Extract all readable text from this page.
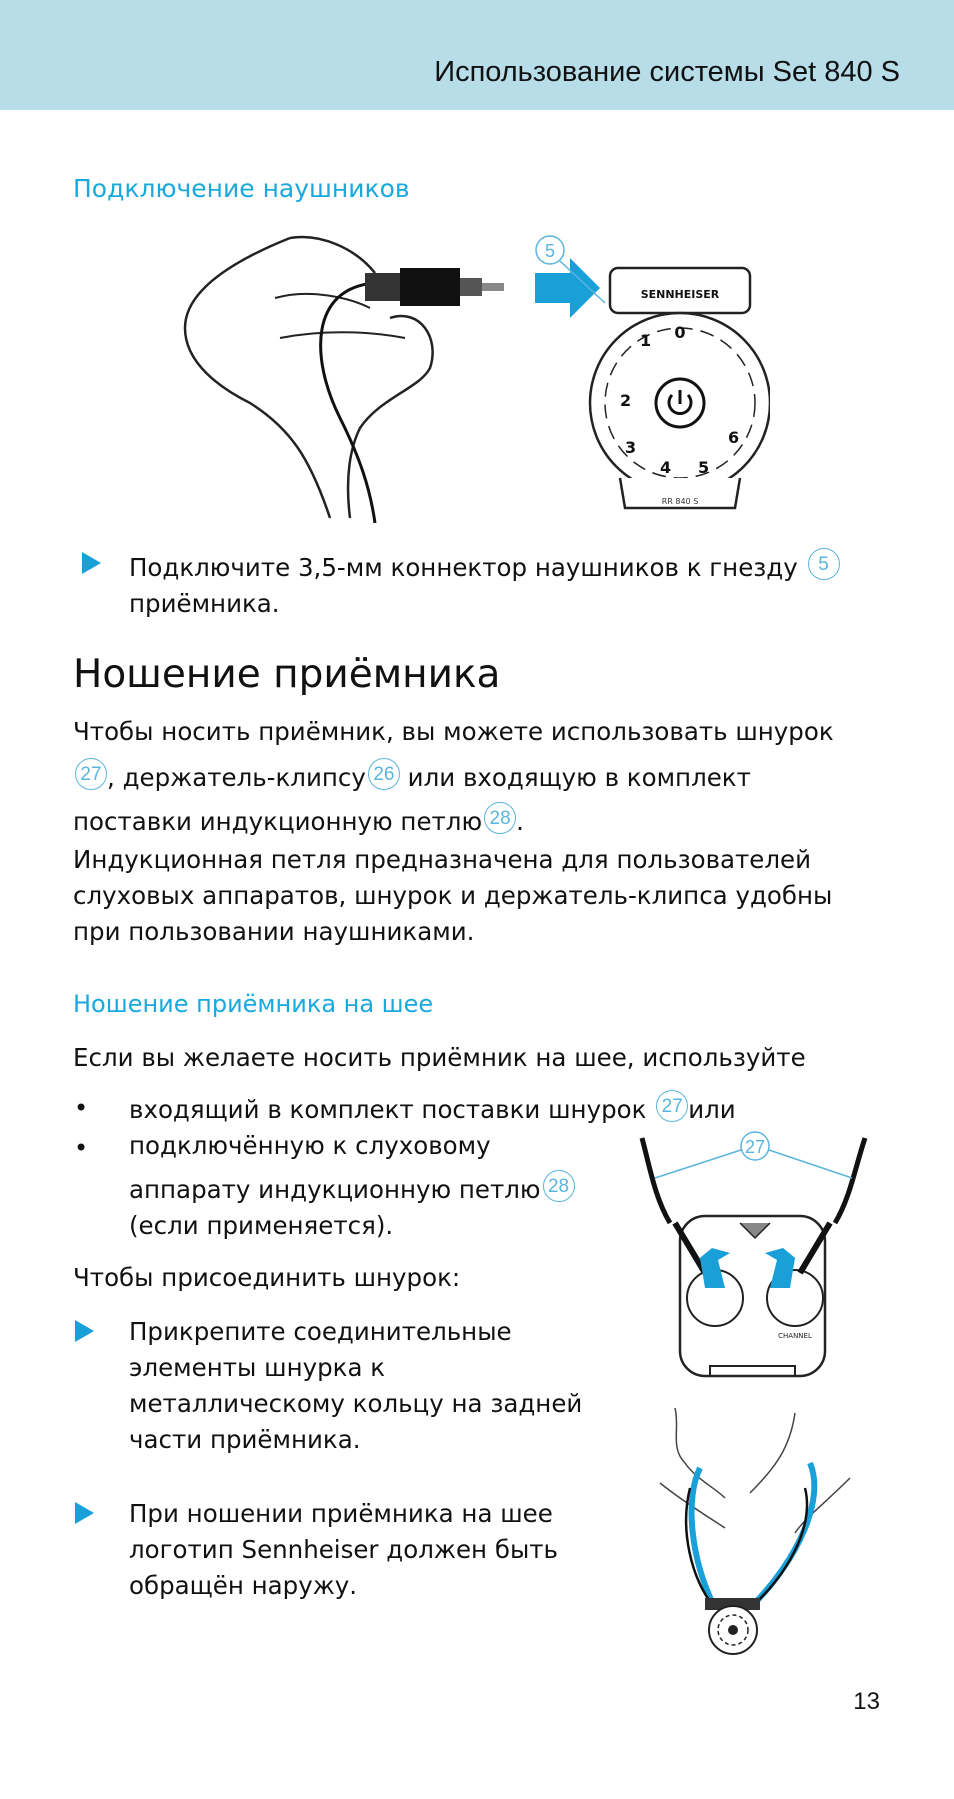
Использование системы Set 840 S
Подключение наушников
5
SENNHEISER
0
1
2
3
4 5
6
RR 840 S
Подключите 3,5-мм коннектор наушников к гнезду 5
приёмника.
Ношение приёмника
Чтобы носить приёмник, вы можете использовать шнурок
27 , держатель-клипсу 26 или входящую в комплект
поставки индукционную петлю 28 .
Индукционная петля предназначена для пользователей
слуховых аппаратов, шнурок и держатель-клипса удобны
при пользовании наушниками.
Ношение приёмника на шее
Если вы желаете носить приёмник на шее, используйте
• входящий в комплект поставки шнурок 27 или
• подключённую к слуховому
аппарату индукционную петлю 28
(если применяется).
Чтобы присоединить шнурок:
Прикрепите соединительные
элементы шнурка к
металлическому кольцу на задней
части приёмника.
При ношении приёмника на шее
логотип Sennheiser должен быть
обращён наружу.
27
CHANNEL
13
